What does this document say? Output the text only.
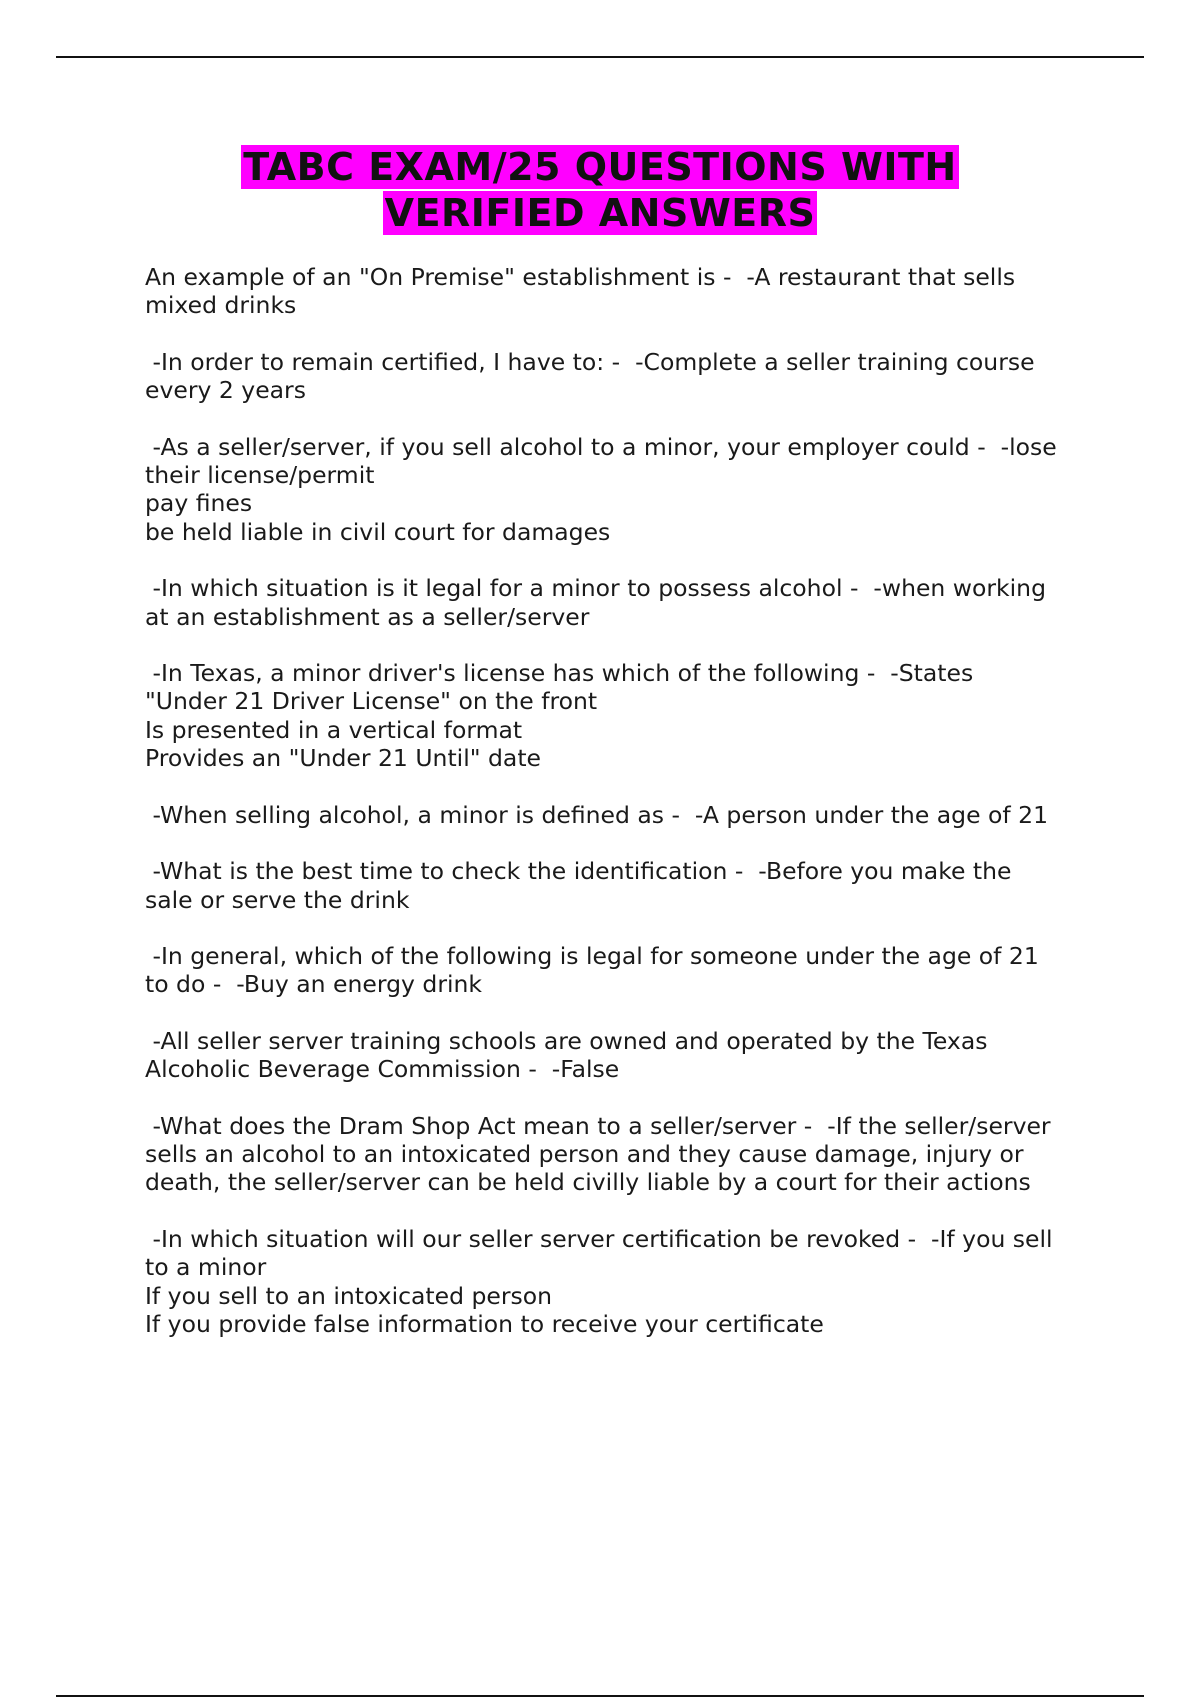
TABC EXAM/25 QUESTIONS WITH
VERIFIED ANSWERS
An example of an "On Premise" establishment is -  -A restaurant that sells
mixed drinks
-In order to remain certified, I have to: -  -Complete a seller training course
every 2 years
-As a seller/server, if you sell alcohol to a minor, your employer could -  -lose
their license/permit
pay fines
be held liable in civil court for damages
-In which situation is it legal for a minor to possess alcohol -  -when working
at an establishment as a seller/server
-In Texas, a minor driver's license has which of the following -  -States
"Under 21 Driver License" on the front
Is presented in a vertical format
Provides an "Under 21 Until" date
-When selling alcohol, a minor is defined as -  -A person under the age of 21
-What is the best time to check the identification -  -Before you make the
sale or serve the drink
-In general, which of the following is legal for someone under the age of 21
to do -  -Buy an energy drink
-All seller server training schools are owned and operated by the Texas
Alcoholic Beverage Commission -  -False
-What does the Dram Shop Act mean to a seller/server -  -If the seller/server
sells an alcohol to an intoxicated person and they cause damage, injury or
death, the seller/server can be held civilly liable by a court for their actions
-In which situation will our seller server certification be revoked -  -If you sell
to a minor
If you sell to an intoxicated person
If you provide false information to receive your certificate
